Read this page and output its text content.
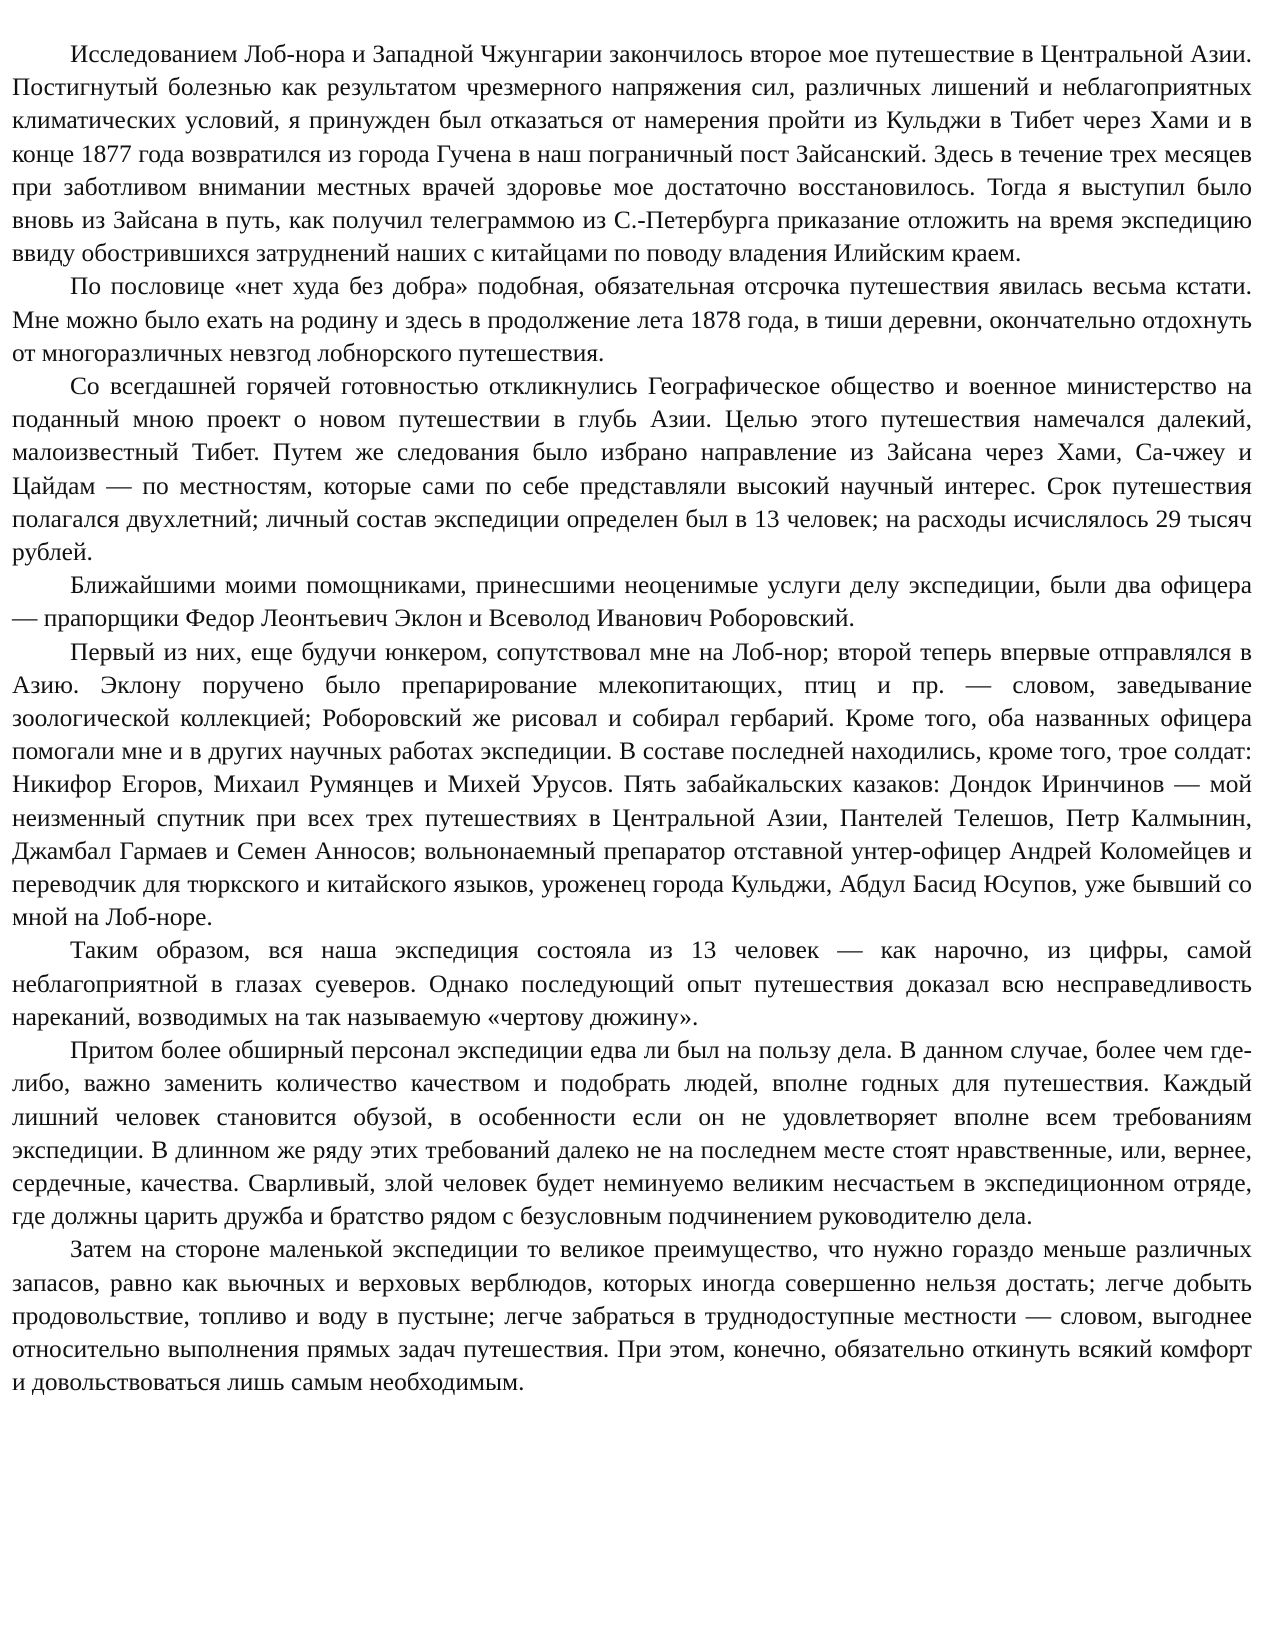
Исследованием Лоб-нора и Западной Чжунгарии закончилось второе мое путешествие в Центральной Азии. Постигнутый болезнью как результатом чрезмерного напряжения сил, различных лишений и неблагоприятных климатических условий, я принужден был отказаться от намерения пройти из Кульджи в Тибет через Хами и в конце 1877 года возвратился из города Гучена в наш пограничный пост Зайсанский. Здесь в течение трех месяцев при заботливом внимании местных врачей здоровье мое достаточно восстановилось. Тогда я выступил было вновь из Зайсана в путь, как получил телеграммою из С.-Петербурга приказание отложить на время экспедицию ввиду обострившихся затруднений наших с китайцами по поводу владения Илийским краем.

По пословице «нет худа без добра» подобная, обязательная отсрочка путешествия явилась весьма кстати. Мне можно было ехать на родину и здесь в продолжение лета 1878 года, в тиши деревни, окончательно отдохнуть от многоразличных невзгод лобнорского путешествия.

Со всегдашней горячей готовностью откликнулись Географическое общество и военное министерство на поданный мною проект о новом путешествии в глубь Азии. Целью этого путешествия намечался далекий, малоизвестный Тибет. Путем же следования было избрано направление из Зайсана через Хами, Са-чжеу и Цайдам — по местностям, которые сами по себе представляли высокий научный интерес. Срок путешествия полагался двухлетний; личный состав экспедиции определен был в 13 человек; на расходы исчислялось 29 тысяч рублей.

Ближайшими моими помощниками, принесшими неоценимые услуги делу экспедиции, были два офицера — прапорщики Федор Леонтьевич Эклон и Всеволод Иванович Роборовский.

Первый из них, еще будучи юнкером, сопутствовал мне на Лоб-нор; второй теперь впервые отправлялся в Азию. Эклону поручено было препарирование млекопитающих, птиц и пр. — словом, заведывание зоологической коллекцией; Роборовский же рисовал и собирал гербарий. Кроме того, оба названных офицера помогали мне и в других научных работах экспедиции. В составе последней находились, кроме того, трое солдат: Никифор Егоров, Михаил Румянцев и Михей Урусов. Пять забайкальских казаков: Дондок Иринчинов — мой неизменный спутник при всех трех путешествиях в Центральной Азии, Пантелей Телешов, Петр Калмынин, Джамбал Гармаев и Семен Анносов; вольнонаемный препаратор отставной унтер-офицер Андрей Коломейцев и переводчик для тюркского и китайского языков, уроженец города Кульджи, Абдул Басид Юсупов, уже бывший со мной на Лоб-норе.

Таким образом, вся наша экспедиция состояла из 13 человек — как нарочно, из цифры, самой неблагоприятной в глазах суеверов. Однако последующий опыт путешествия доказал всю несправедливость нареканий, возводимых на так называемую «чертову дюжину».

Притом более обширный персонал экспедиции едва ли был на пользу дела. В данном случае, более чем где-либо, важно заменить количество качеством и подобрать людей, вполне годных для путешествия. Каждый лишний человек становится обузой, в особенности если он не удовлетворяет вполне всем требованиям экспедиции. В длинном же ряду этих требований далеко не на последнем месте стоят нравственные, или, вернее, сердечные, качества. Сварливый, злой человек будет неминуемо великим несчастьем в экспедиционном отряде, где должны царить дружба и братство рядом с безусловным подчинением руководителю дела.

Затем на стороне маленькой экспедиции то великое преимущество, что нужно гораздо меньше различных запасов, равно как вьючных и верховых верблюдов, которых иногда совершенно нельзя достать; легче добыть продовольствие, топливо и воду в пустыне; легче забраться в труднодоступные местности — словом, выгоднее относительно выполнения прямых задач путешествия. При этом, конечно, обязательно откинуть всякий комфорт и довольствоваться лишь самым необходимым.
